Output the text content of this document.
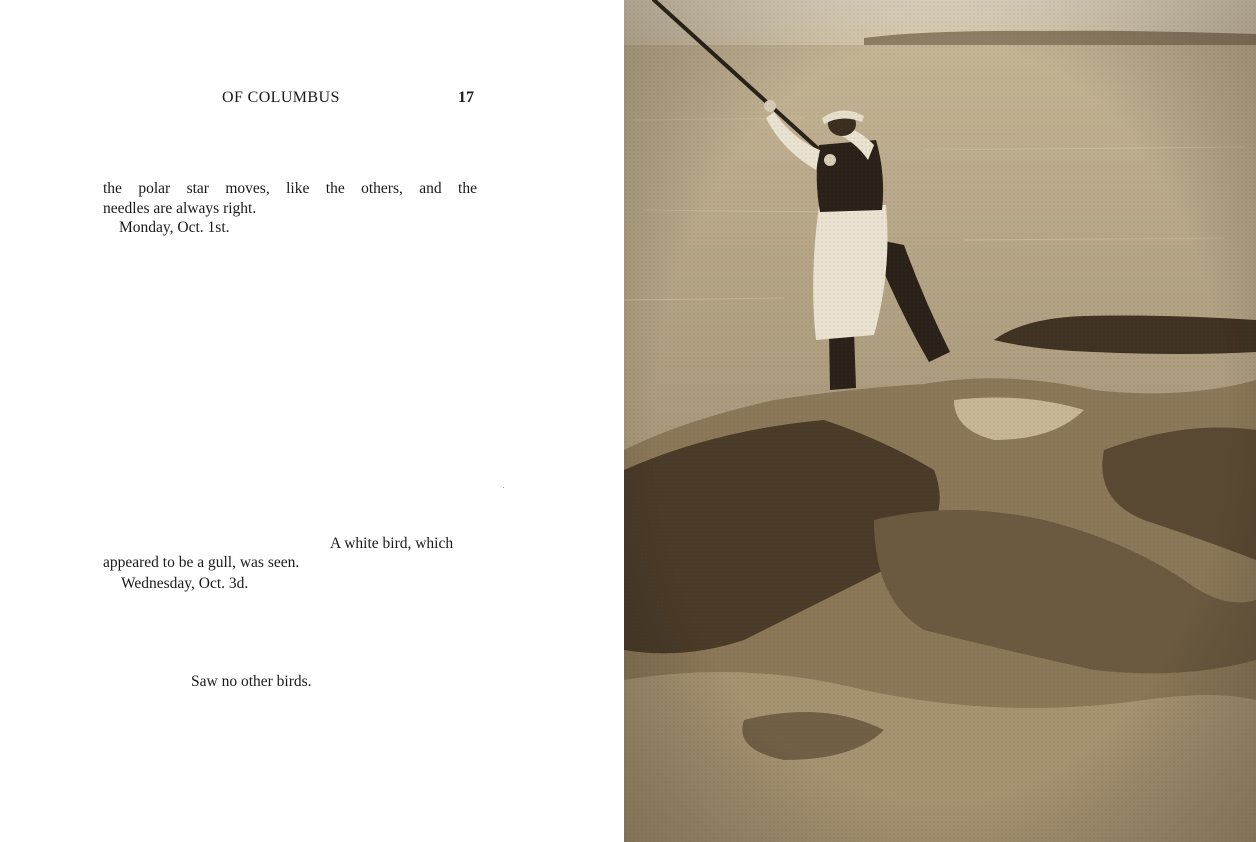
OF COLUMBUS	17

the polar star moves, like the others, and the

needles are always right.

Monday, Oct. 1st.

A white bird, which

appeared to be a gull, was seen.

Wednesday, Oct. 3d.

Saw no other birds.
